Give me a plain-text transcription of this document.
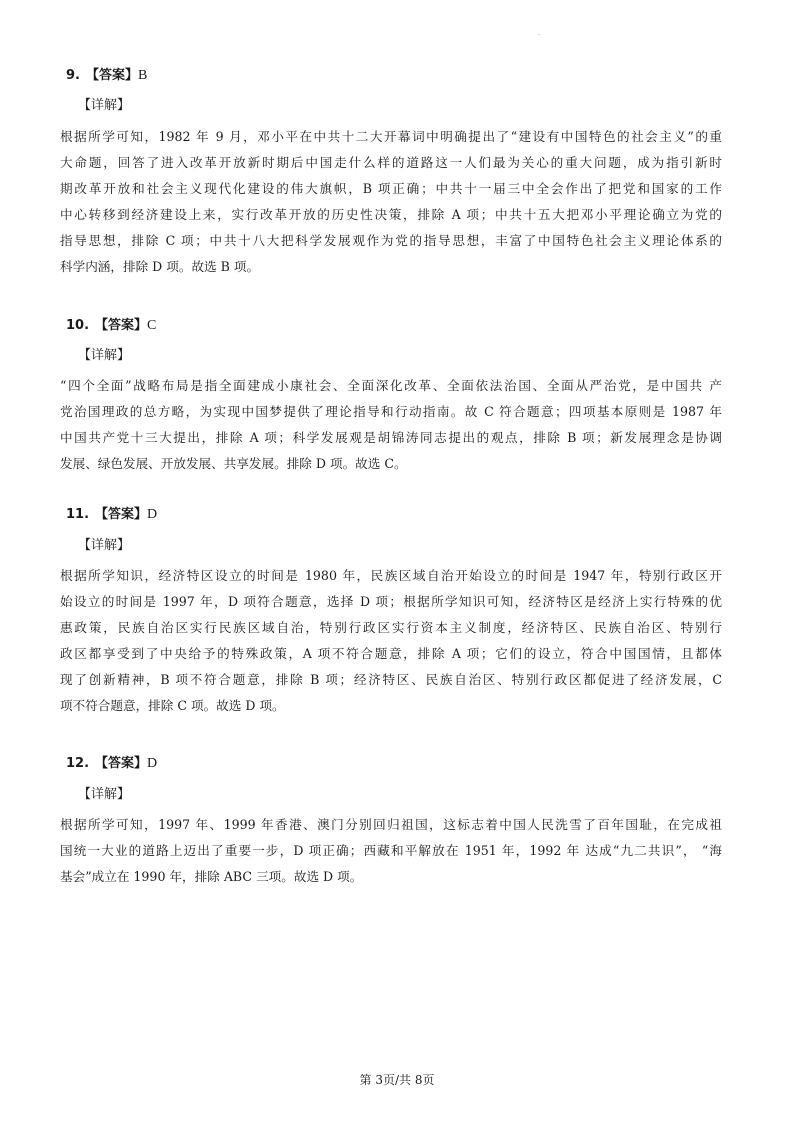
.
9. 【答案】B
【详解】
根据所学可知，1982 年 9 月，邓小平在中共十二大开幕词中明确提出了“建设有中国特色的社会主义”的重
大命题，回答了进入改革开放新时期后中国走什么样的道路这一人们最为关心的重大问题，成为指引新时
期改革开放和社会主义现代化建设的伟大旗帜，B 项正确；中共十一届三中全会作出了把党和国家的工作
中心转移到经济建设上来，实行改革开放的历史性决策，排除 A 项；中共十五大把邓小平理论确立为党的
指导思想，排除 C 项；中共十八大把科学发展观作为党的指导思想，丰富了中国特色社会主义理论体系的
科学内涵，排除 D 项。故选 B 项。
10. 【答案】C
【详解】
“四个全面”战略布局是指全面建成小康社会、全面深化改革、全面依法治国、全面从严治党，是中国共 产
党治国理政的总方略，为实现中国梦提供了理论指导和行动指南。故 C 符合题意；四项基本原则是 1987 年
中国共产党十三大提出，排除 A 项；科学发展观是胡锦涛同志提出的观点，排除 B 项；新发展理念是协调
发展、绿色发展、开放发展、共享发展。排除 D 项。故选 C。
11. 【答案】D
【详解】
根据所学知识，经济特区设立的时间是 1980 年，民族区域自治开始设立的时间是 1947 年，特别行政区开
始设立的时间是 1997 年，D 项符合题意，选择 D 项；根据所学知识可知，经济特区是经济上实行特殊的优
惠政策，民族自治区实行民族区域自治，特别行政区实行资本主义制度，经济特区、民族自治区、特别行
政区都享受到了中央给予的特殊政策，A 项不符合题意，排除 A 项；它们的设立，符合中国国情，且都体
现了创新精神，B 项不符合题意，排除 B 项；经济特区、民族自治区、特别行政区都促进了经济发展，C
项不符合题意，排除 C 项。故选 D 项。
12. 【答案】D
【详解】
根据所学可知，1997 年、1999 年香港、澳门分别回归祖国，这标志着中国人民洗雪了百年国耻，在完成祖
国统一大业的道路上迈出了重要一步，D 项正确；西藏和平解放在 1951 年，1992 年 达成“九二共识”， “海
基会”成立在 1990 年，排除 ABC 三项。故选 D 项。
第 3页/共 8页
